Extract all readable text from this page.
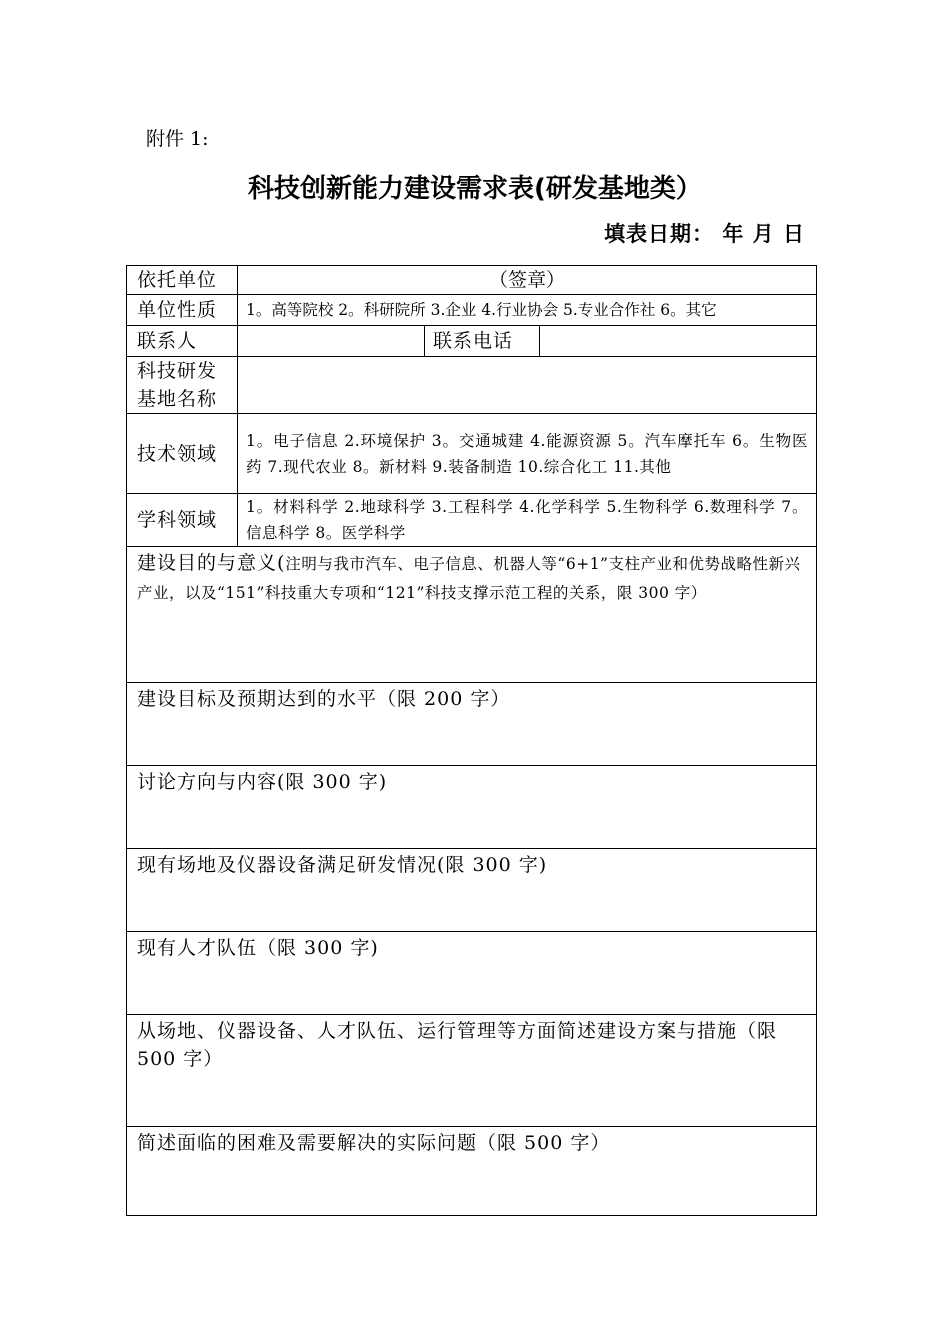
附件 1:
科技创新能力建设需求表(研发基地类）
填表日期： 年 月 日
依托单位	（签章）		
单位性质	1。高等院校 2。科研院所 3.企业 4.行业协会 5.专业合作社 6。其它		
联系人		联系电话	

科技研发
基地名称			

技术领域	1。电子信息 2.环境保护 3。交通城建 4.能源资源 5。汽车摩托车 6。生物医药 7.现代农业 8。新材料 9.装备制造 10.综合化工 11.其他		
学科领域	1。材料科学 2.地球科学 3.工程科学 4.化学科学 5.生物科学 6.数理科学 7。信息科学 8。医学科学		
建设目的与意义(注明与我市汽车、电子信息、机器人等“6+1”支柱产业和优势战略性新兴产业，以及“151”科技重大专项和“121”科技支撑示范工程的关系，限 300 字）			
建设目标及预期达到的水平（限 200 字）			
讨论方向与内容(限 300 字)			
现有场地及仪器设备满足研发情况(限 300 字)			
现有人才队伍（限 300 字)			
从场地、仪器设备、人才队伍、运行管理等方面简述建设方案与措施（限 500 字）			
简述面临的困难及需要解决的实际问题（限 500 字）			
